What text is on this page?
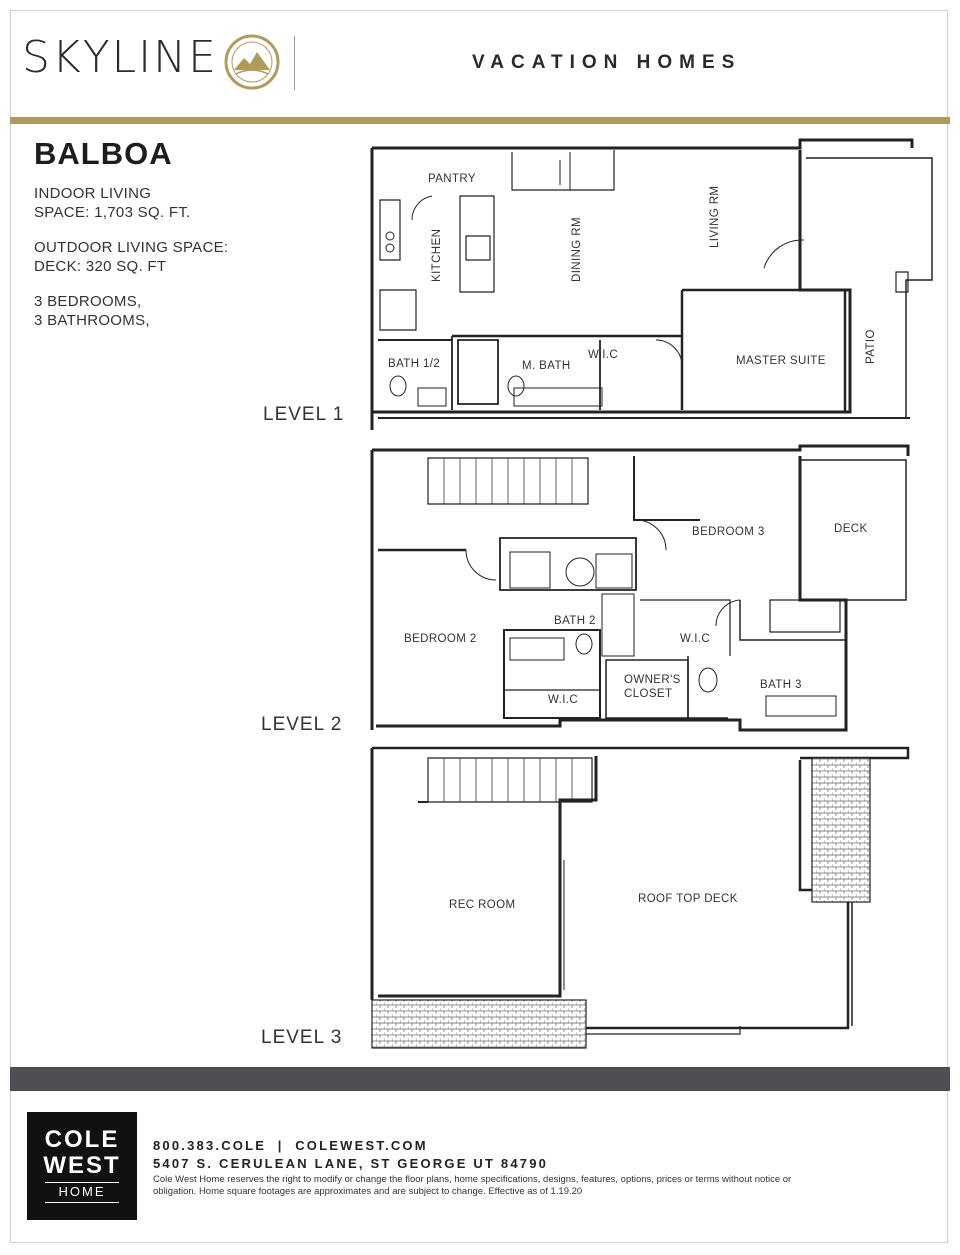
SKYLINE	VACATION HOMES
BALBOA
INDOOR LIVING
SPACE: 1,703 SQ. FT.
OUTDOOR LIVING SPACE:
DECK: 320 SQ. FT
3 BEDROOMS,
3 BATHROOMS,
LEVEL 1
LEVEL 2
LEVEL 3
PANTRY
KITCHEN	DINING RM
LIVING RM
BATH 1/2	M. BATH
W.I.C	MASTER SUITE	PATIO
BEDROOM 3	DECK
BEDROOM 2
BATH 2
W.I.C
W.I.C
OWNER'S
CLOSET
BATH 3
REC ROOM	ROOF TOP DECK
COLE
WEST
HOME
800.383.COLE  |  COLEWEST.COM
5407 S. CERULEAN LANE, ST GEORGE UT 84790
Cole West Home reserves the right to modify or change the floor plans, home specifications, designs, features, options, prices or terms without notice or obligation. Home square footages are approximates and are subject to change. Effective as of 1.19.20
